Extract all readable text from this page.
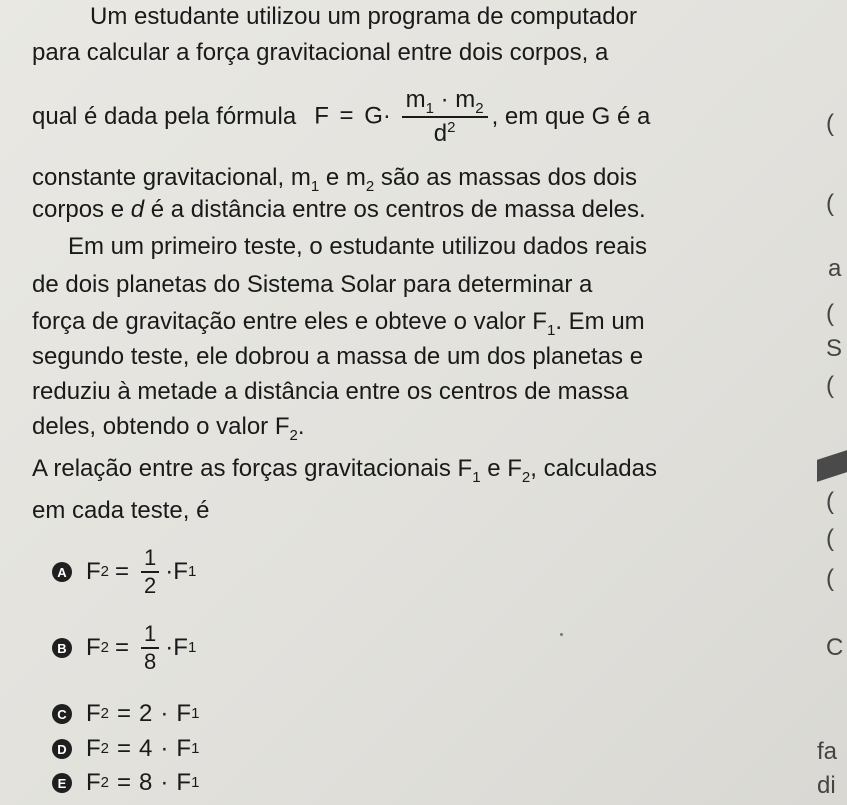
Um estudante utilizou um programa de computador
para calcular a força gravitacional entre dois corpos, a
qual é dada pela fórmula $F = G\cdot \frac{m_1 \cdot m_2}{d^2}$ , em que G é a
constante gravitacional, $m_1$ e $m_2$ são as massas dos dois
corpos e d é a distância entre os centros de massa deles.
Em um primeiro teste, o estudante utilizou dados reais
de dois planetas do Sistema Solar para determinar a
força de gravitação entre eles e obteve o valor $F_1$. Em um
segundo teste, ele dobrou a massa de um dos planetas e
reduziu à metade a distância entre os centros de massa
deles, obtendo o valor $F_2$.
A relação entre as forças gravitacionais $F_1$ e $F_2$, calculadas
em cada teste, é
A F $2 = \frac{1}{2} \cdot F$ 1
B F $2 = \frac{1}{8} \cdot F$ 1
C F 2 = 2 · F 1
D F 2 = 4 · F 1
E F 2 = 8 · F 1
(
(
a
(
S
(
(
(
(
C
fa
di
